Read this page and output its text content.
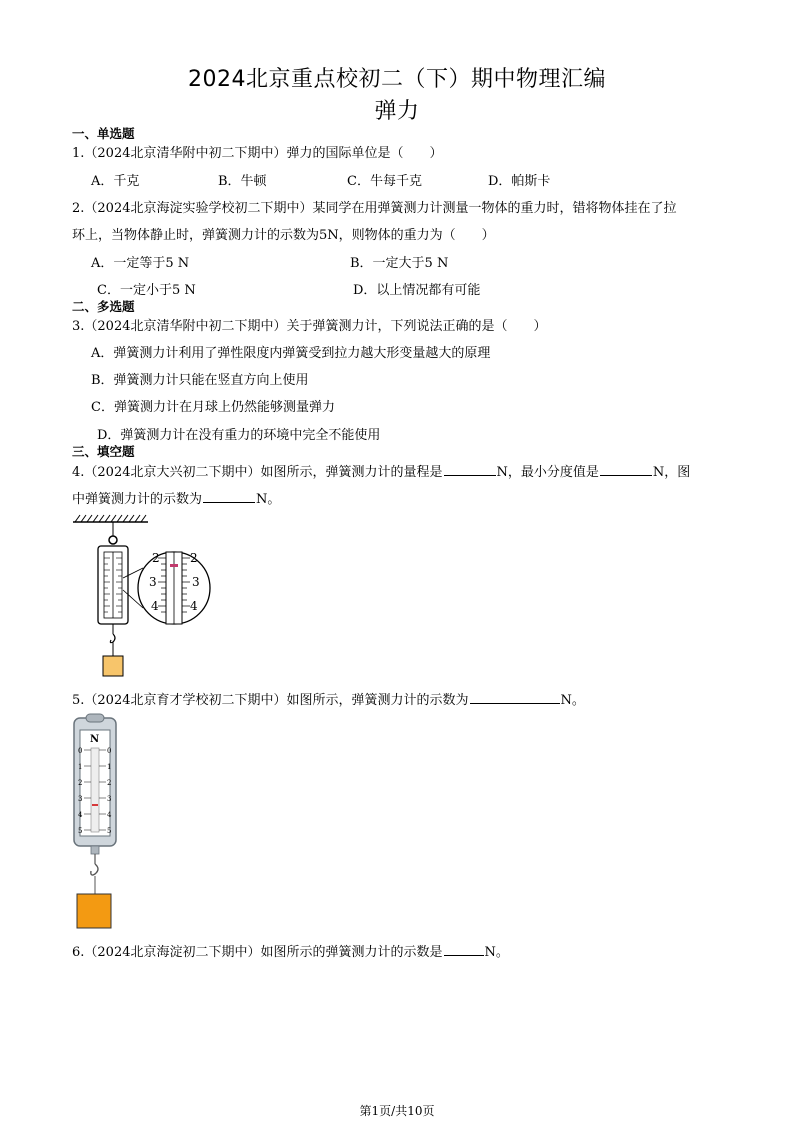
2024北京重点校初二（下）期中物理汇编
弹力
一、单选题
1.（2024北京清华附中初二下期中）弹力的国际单位是（　　）
A．千克	B．牛顿	C．牛每千克	D．帕斯卡
2.（2024北京海淀实验学校初二下期中）某同学在用弹簧测力计测量一物体的重力时，错将物体挂在了拉
环上，当物体静止时，弹簧测力计的示数为5N，则物体的重力为（　　）
A．一定等于5 N	B．一定大于5 N
C．一定小于5 N	D．以上情况都有可能
二、多选题
3.（2024北京清华附中初二下期中）关于弹簧测力计，下列说法正确的是（　　）
A．弹簧测力计利用了弹性限度内弹簧受到拉力越大形变量越大的原理
B．弹簧测力计只能在竖直方向上使用
C．弹簧测力计在月球上仍然能够测量弹力
D．弹簧测力计在没有重力的环境中完全不能使用
三、填空题
4.（2024北京大兴初二下期中）如图所示，弹簧测力计的量程是	N，最小分度值是	N，图
中弹簧测力计的示数为	N。
2	2
3	3
4	4
5.（2024北京育才学校初二下期中）如图所示，弹簧测力计的示数为	N。
N
0
1
2
3
4
5
0
1
2
3
4
5
6.（2024北京海淀初二下期中）如图所示的弹簧测力计的示数是	N。
第1页/共10页
